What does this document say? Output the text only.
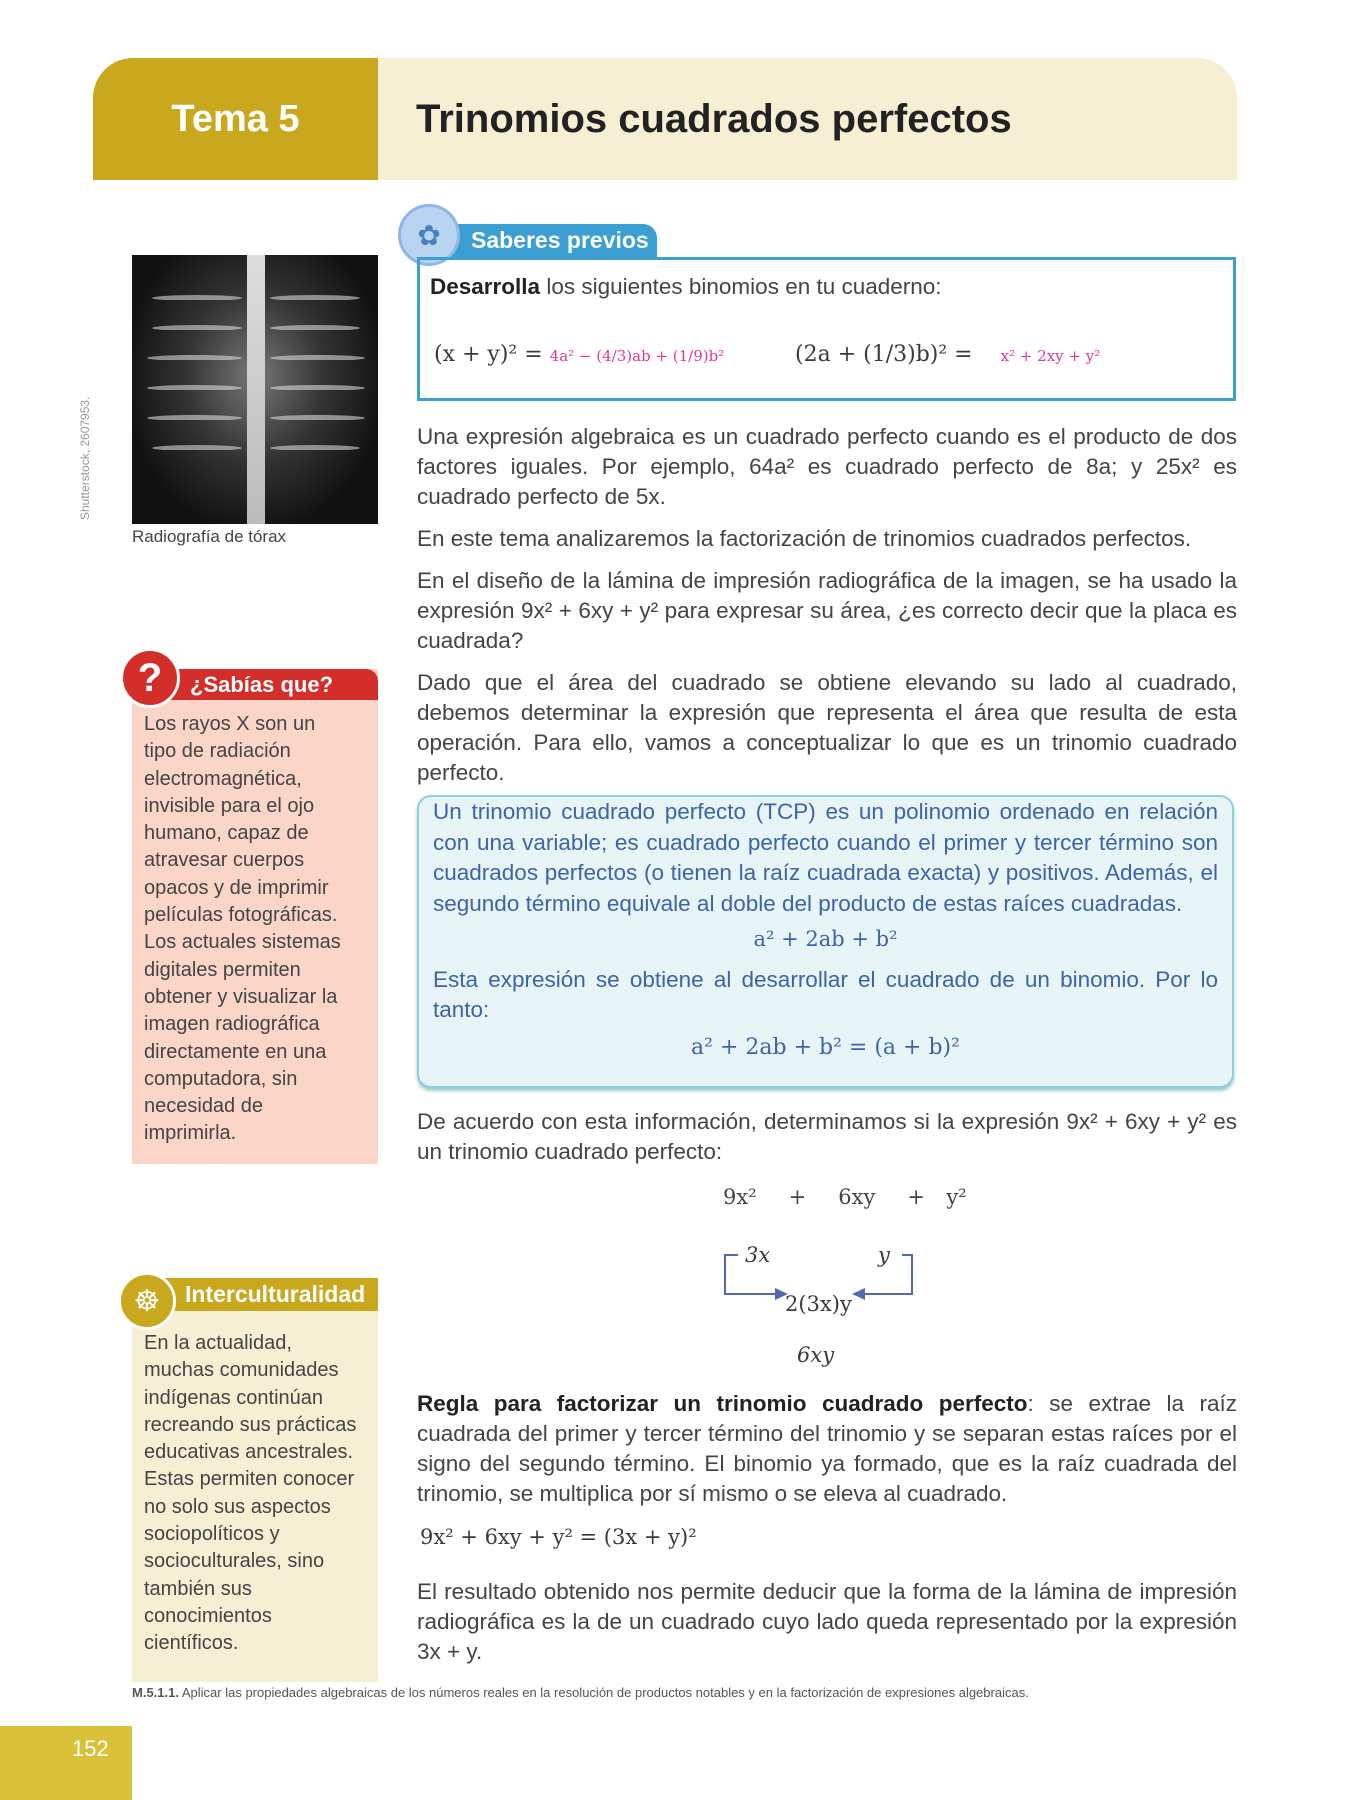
Tema 5	Trinomios cuadrados perfectos
Saberes previos
✿
Desarrolla los siguientes binomios en tu cuaderno:
(x + y)² = 4a² − (4/3)ab + (1/9)b²	(2a + (1/3)b)² = x² + 2xy + y²
Shutterstock, 2607953.
Radiografía de tórax

Una expresión algebraica es un cuadrado perfecto cuando es el producto de dos factores iguales. Por ejemplo, 64a² es cuadrado perfecto de 8a; y 25x² es cuadrado perfecto de 5x.

En este tema analizaremos la factorización de trinomios cuadrados perfectos.

En el diseño de la lámina de impresión radiográfica de la imagen, se ha usado la expresión 9x² + 6xy + y² para expresar su área, ¿es correcto decir que la placa es cuadrada?

Dado que el área del cuadrado se obtiene elevando su lado al cuadrado, debemos determinar la expresión que representa el área que resulta de esta operación. Para ello, vamos a conceptualizar lo que es un trinomio cuadrado perfecto.

Los rayos X son un tipo de radiación electromagnética, invisible para el ojo humano, capaz de atravesar cuerpos opacos y de imprimir películas fotográficas. Los actuales sistemas digitales permiten obtener y visualizar la imagen radiográfica directamente en una computadora, sin necesidad de imprimirla.
¿Sabías que?
?

Un trinomio cuadrado perfecto (TCP) es un polinomio ordenado en relación con una variable; es cuadrado perfecto cuando el primer y tercer término son cuadrados perfectos (o tienen la raíz cuadrada exacta) y positivos. Además, el segundo término equivale al doble del producto de estas raíces cuadradas.

a² + 2ab + b²

Esta expresión se obtiene al desarrollar el cuadrado de un binomio. Por lo tanto:

a² + 2ab + b² = (a + b)²

De acuerdo con esta información, determinamos si la expresión 9x² + 6xy + y² es un trinomio cuadrado perfecto:
9x² + 6xy + y²
3x	y
2(3x)y
6xy
Regla para factorizar un trinomio cuadrado perfecto: se extrae la raíz cuadrada del primer y tercer término del trinomio y se separan estas raíces por el signo del segundo término. El binomio ya formado, que es la raíz cuadrada del trinomio, se multiplica por sí mismo o se eleva al cuadrado.
9x² + 6xy + y² = (3x + y)²
El resultado obtenido nos permite deducir que la forma de la lámina de impresión radiográfica es la de un cuadrado cuyo lado queda representado por la expresión 3x + y.
En la actualidad, muchas comunidades indígenas continúan recreando sus prácticas educativas ancestrales. Estas permiten conocer no solo sus aspectos sociopolíticos y socioculturales, sino también sus conocimientos científicos.
Interculturalidad
☸
M.5.1.1. Aplicar las propiedades algebraicas de los números reales en la resolución de productos notables y en la factorización de expresiones algebraicas.
152
